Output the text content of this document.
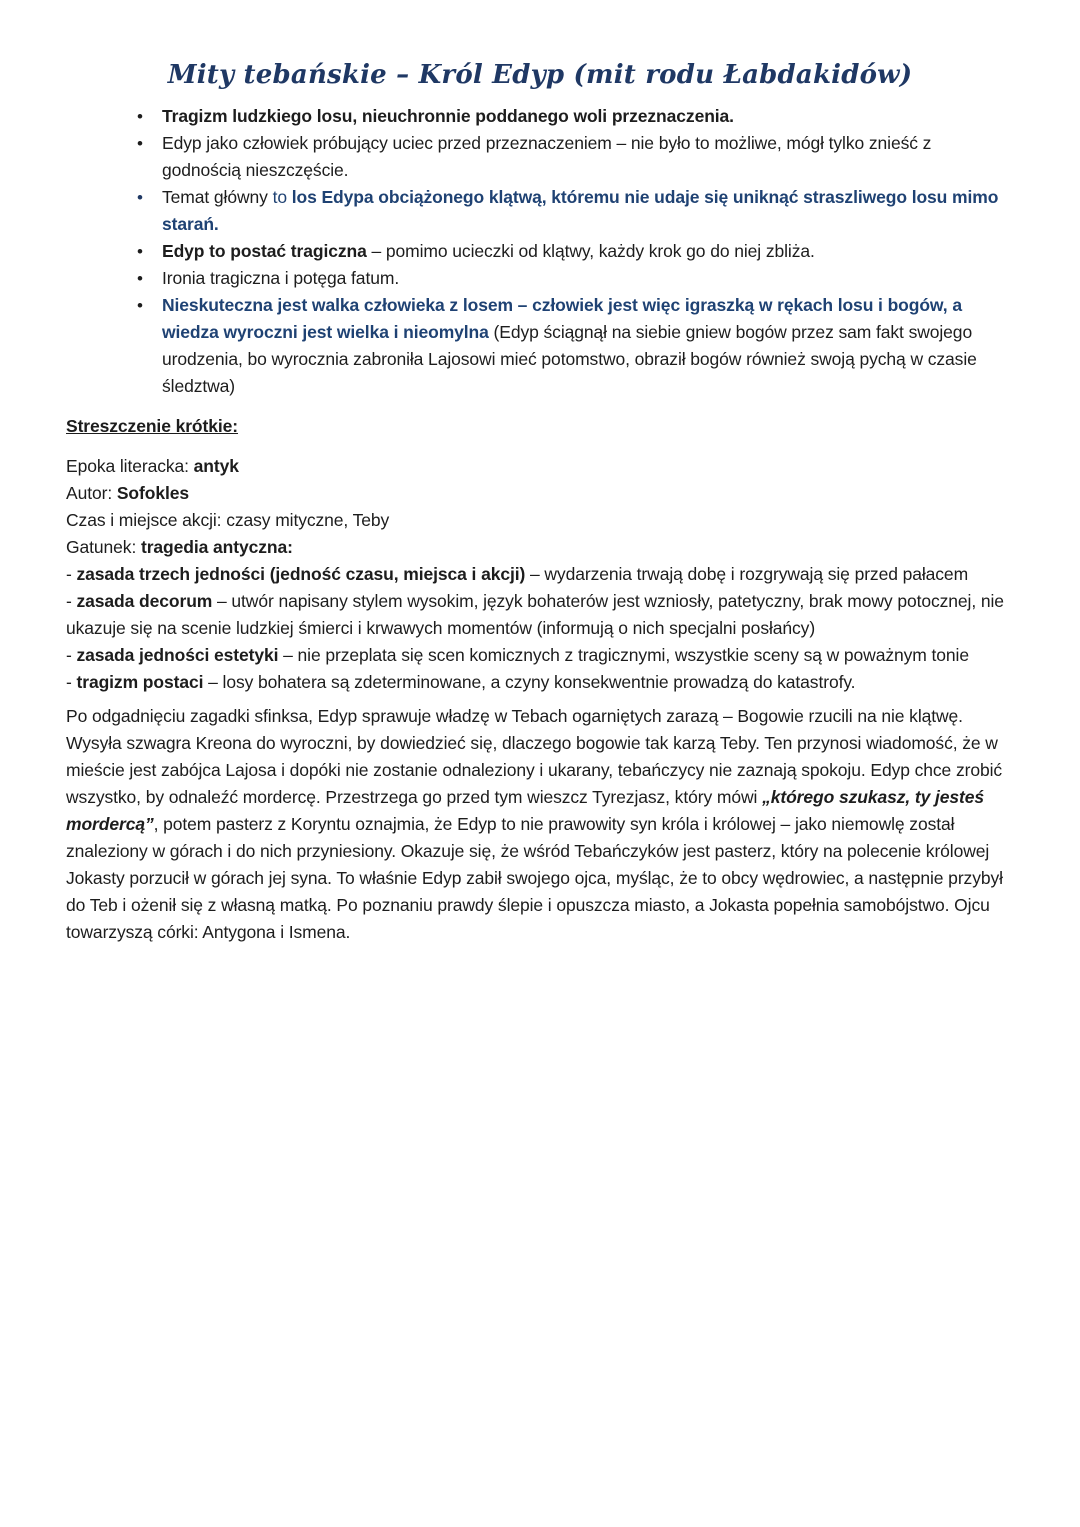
Mity tebańskie – Król Edyp (mit rodu Łabdakidów)
• Tragizm ludzkiego losu, nieuchronnie poddanego woli przeznaczenia.
• Edyp jako człowiek próbujący uciec przed przeznaczeniem – nie było to możliwe, mógł tylko znieść z godnością nieszczęście.
• Temat główny to los Edypa obciążonego klątwą, któremu nie udaje się uniknąć straszliwego losu mimo starań.
• Edyp to postać tragiczna – pomimo ucieczki od klątwy, każdy krok go do niej zbliża.
• Ironia tragiczna i potęga fatum.
• Nieskuteczna jest walka człowieka z losem – człowiek jest więc igraszką w rękach losu i bogów, a wiedza wyroczni jest wielka i nieomylna (Edyp ściągnął na siebie gniew bogów przez sam fakt swojego urodzenia, bo wyrocznia zabroniła Lajosowi mieć potomstwo, obraził bogów również swoją pychą w czasie śledztwa)

Streszczenie krótkie:

Epoka literacka: antyk

Autor: Sofokles

Czas i miejsce akcji: czasy mityczne, Teby

Gatunek: tragedia antyczna:

- zasada trzech jedności (jedność czasu, miejsca i akcji) – wydarzenia trwają dobę i rozgrywają się przed pałacem

- zasada decorum – utwór napisany stylem wysokim, język bohaterów jest wzniosły, patetyczny, brak mowy potocznej, nie ukazuje się na scenie ludzkiej śmierci i krwawych momentów (informują o nich specjalni posłańcy)

- zasada jedności estetyki – nie przeplata się scen komicznych z tragicznymi, wszystkie sceny są w poważnym tonie

- tragizm postaci – losy bohatera są zdeterminowane, a czyny konsekwentnie prowadzą do katastrofy.

Po odgadnięciu zagadki sfinksa, Edyp sprawuje władzę w Tebach ogarniętych zarazą – Bogowie rzucili na nie klątwę. Wysyła szwagra Kreona do wyroczni, by dowiedzieć się, dlaczego bogowie tak karzą Teby. Ten przynosi wiadomość, że w mieście jest zabójca Lajosa i dopóki nie zostanie odnaleziony i ukarany, tebańczycy nie zaznają spokoju. Edyp chce zrobić wszystko, by odnaleźć mordercę. Przestrzega go przed tym wieszcz Tyrezjasz, który mówi „którego szukasz, ty jesteś mordercą”, potem pasterz z Koryntu oznajmia, że Edyp to nie prawowity syn króla i królowej – jako niemowlę został znaleziony w górach i do nich przyniesiony. Okazuje się, że wśród Tebańczyków jest pasterz, który na polecenie królowej Jokasty porzucił w górach jej syna. To właśnie Edyp zabił swojego ojca, myśląc, że to obcy wędrowiec, a następnie przybył do Teb i ożenił się z własną matką. Po poznaniu prawdy ślepie i opuszcza miasto, a Jokasta popełnia samobójstwo. Ojcu towarzyszą córki: Antygona i Ismena.
